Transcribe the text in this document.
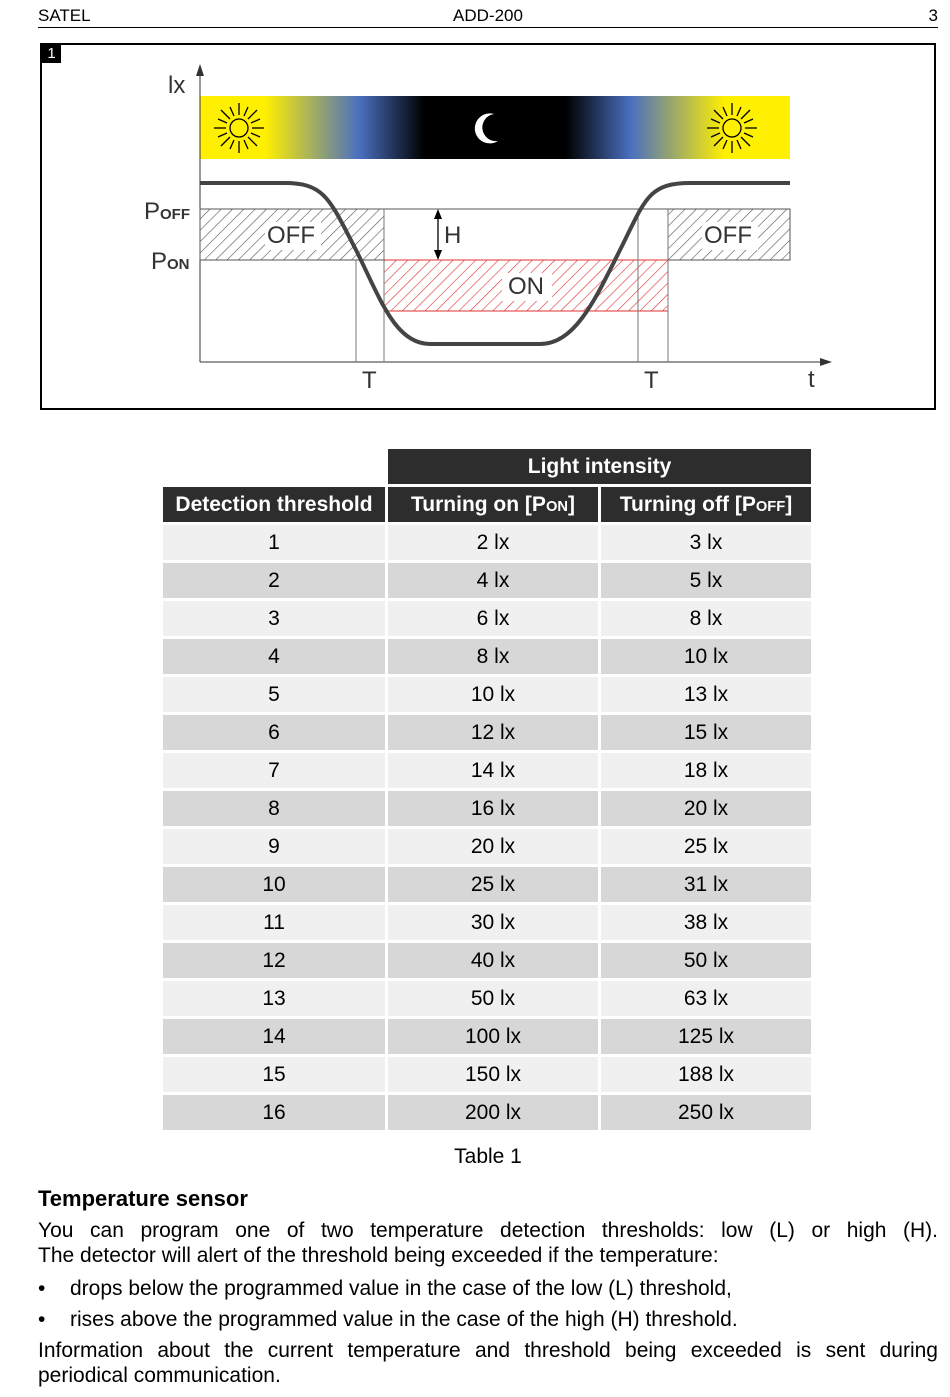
SATEL	ADD-200	3
1
lx
t
POFF
PON
H
OFF	OFF
ON
T	T
	Light intensity	
Detection threshold	Turning on [PON]	Turning off [POFF]
1	2 lx	3 lx
2	4 lx	5 lx
3	6 lx	8 lx
4	8 lx	10 lx
5	10 lx	13 lx
6	12 lx	15 lx
7	14 lx	18 lx
8	16 lx	20 lx
9	20 lx	25 lx
10	25 lx	31 lx
11	30 lx	38 lx
12	40 lx	50 lx
13	50 lx	63 lx
14	100 lx	125 lx
15	150 lx	188 lx
16	200 lx	250 lx
Table 1
Temperature sensor
You can program one of two temperature detection thresholds: low (L) or high (H).
The detector will alert of the threshold being exceeded if the temperature:
• drops below the programmed value in the case of the low (L) threshold,
• rises above the programmed value in the case of the high (H) threshold.
Information about the current temperature and threshold being exceeded is sent during
periodical communication.
